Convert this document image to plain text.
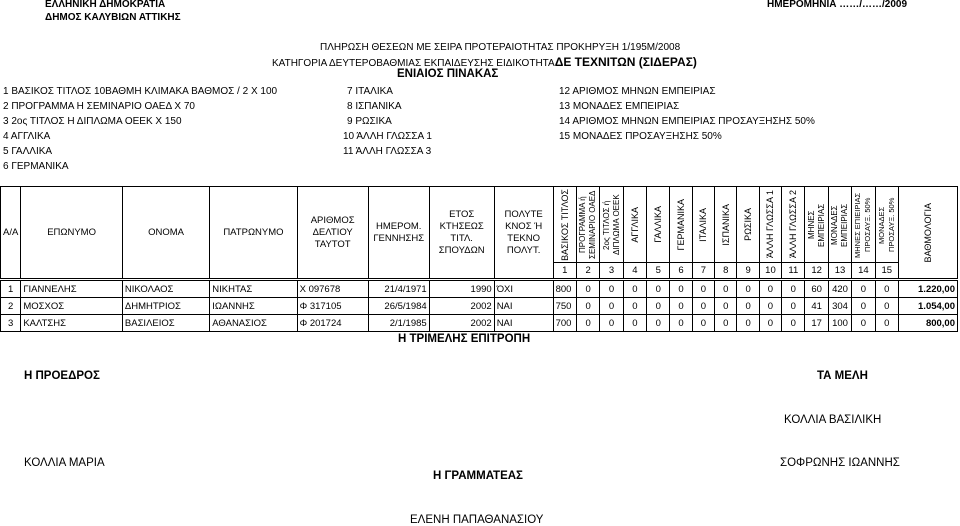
ΕΛΛΗΝΙΚΗ ΔΗΜΟΚΡΑΤΙΑ
ΔΗΜΟΣ ΚΑΛΥΒΙΩΝ ΑΤΤΙΚΗΣ
ΗΜΕΡΟΜΗΝΙΑ ……/……/2009
ΠΛΗΡΩΣΗ ΘΕΣΕΩΝ ΜΕ ΣΕΙΡΑ ΠΡΟΤΕΡΑΙΟΤΗΤΑΣ ΠΡΟΚΗΡΥΞΗ 1/195Μ/2008
ΚΑΤΗΓΟΡΙΑ ΔΕΥΤΕΡΟΒΑΘΜΙΑΣ ΕΚΠΑΙΔΕΥΣΗΣ ΕΙΔΙΚΟΤΗΤΑΔΕ ΤΕΧΝΙΤΩΝ (ΣΙΔΕΡΑΣ)
ΕΝΙΑΙΟΣ ΠΙΝΑΚΑΣ
1 ΒΑΣΙΚΟΣ ΤΙΤΛΟΣ 10ΒΑΘΜΗ ΚΛΙΜΑΚΑ ΒΑΘΜΟΣ / 2 Χ 100
2 ΠΡΟΓΡΑΜΜΑ Η ΣΕΜΙΝΑΡΙΟ ΟΑΕΔ Χ 70
3 2ος ΤΙΤΛΟΣ Η ΔΙΠΛΩΜΑ ΟΕΕΚ Χ 150
4 ΑΓΓΛΙΚΑ
5 ΓΑΛΛΙΚΑ
6 ΓΕΡΜΑΝΙΚΑ
7 ΙΤΑΛΙΚΑ
8 ΙΣΠΑΝΙΚΑ
9 ΡΩΣΙΚΑ
10 ΆΛΛΗ ΓΛΩΣΣΑ 1
11 ΆΛΛΗ ΓΛΩΣΣΑ 3
12 ΑΡΙΘΜΟΣ ΜΗΝΩΝ ΕΜΠΕΙΡΙΑΣ
13 ΜΟΝΑΔΕΣ ΕΜΠΕΙΡΙΑΣ
14 ΑΡΙΘΜΟΣ ΜΗΝΩΝ ΕΜΠΕΙΡΙΑΣ ΠΡΟΣΑΥΞΗΣΗΣ 50%
15 ΜΟΝΑΔΕΣ ΠΡΟΣΑΥΞΗΣΗΣ 50%
Α/Α	ΕΠΩΝΥΜΟ	ΟΝΟΜΑ	ΠΑΤΡΩΝΥΜΟ	ΑΡΙΘΜΟΣ ΔΕΛΤΙΟΥ ΤΑΥΤΟΤ	ΗΜΕΡΟΜ. ΓΕΝΝΗΣΗΣ	ΕΤΟΣ ΚΤΗΣΕΩΣ ΤΙΤΛ. ΣΠΟΥΔΩΝ	ΠΟΛΥΤΕ ΚΝΟΣ Ή ΤΕΚΝΟ ΠΟΛΥΤ.	ΒΑΣΙΚΟΣ ΤΙΤΛΟΣ	ΠΡΟΓΡΑΜΜΑ ή ΣΕΜΙΝΑΡΙΟ ΟΑΕΔ	2ος ΤΙΤΛΟΣ ή ΔΙΠΛΩΜΑ ΟΕΕΚ	ΑΓΓΛΙΚΑ	ΓΑΛΛΙΚΑ	ΓΕΡΜΑΝΙΚΑ	ΙΤΑΛΙΚΑ	ΙΣΠΑΝΙΚΑ	ΡΩΣΙΚΑ	ΆΛΛΗ ΓΛΩΣΣΑ 1	ΆΛΛΗ ΓΛΩΣΣΑ 2	ΜΗΝΕΣ ΕΜΠΕΙΡΙΑΣ	ΜΟΝΑΔΕΣ ΕΜΠΕΙΡΙΑΣ	ΜΗΝΕΣ ΕΠΙΕΙΡΙΑΣ ΠΡΟΣΑΥΞ. 50%	ΜΟΝΑΔΕΣ ΠΡΟΣΑΥΞ. 50%	ΒΑΘΜΟΛΟΓΙΑ

								1	2	3	4	5	6	7	8	9	10	11	12	13	14	15	
1	ΓΙΑΝΝΕΛΗΣ	ΝΙΚΟΛΑΟΣ	ΝΙΚΗΤΑΣ	Χ 097678	21/4/1971	1990	ΌΧΙ	800	0	0	0	0	0	0	0	0	0	0	60	420	0	0	1.220,00
2	ΜΟΣΧΟΣ	ΔΗΜΗΤΡΙΟΣ	ΙΩΑΝΝΗΣ	Φ 317105	26/5/1984	2002	ΝΑΙ	750	0	0	0	0	0	0	0	0	0	0	41	304	0	0	1.054,00
3	ΚΑΛΤΣΗΣ	ΒΑΣΙΛΕΙΟΣ	ΑΘΑΝΑΣΙΟΣ	Φ 201724	2/1/1985	2002	ΝΑΙ	700	0	0	0	0	0	0	0	0	0	0	17	100	0	0	800,00
Η ΤΡΙΜΕΛΗΣ ΕΠΙΤΡΟΠΗ
Η ΠΡΟΕΔΡΟΣ	ΤΑ ΜΕΛΗ
ΚΟΛΛΙΑ ΒΑΣΙΛΙΚΗ
ΚΟΛΛΙΑ ΜΑΡΙΑ	ΣΟΦΡΩΝΗΣ ΙΩΑΝΝΗΣ
Η ΓΡΑΜΜΑΤΕΑΣ
ΕΛΕΝΗ ΠΑΠΑΘΑΝΑΣΙΟΥ
